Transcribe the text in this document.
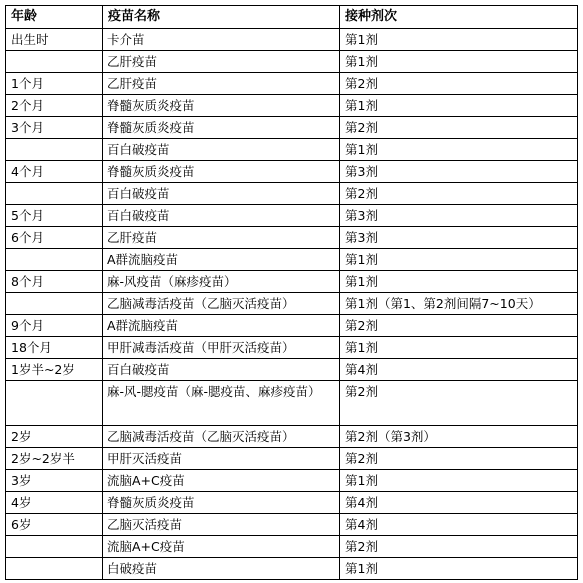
年龄	疫苗名称	接种剂次
出生时	卡介苗	第1剂
	乙肝疫苗	第1剂
1个月	乙肝疫苗	第2剂
2个月	脊髓灰质炎疫苗	第1剂
3个月	脊髓灰质炎疫苗	第2剂
	百白破疫苗	第1剂
4个月	脊髓灰质炎疫苗	第3剂
	百白破疫苗	第2剂
5个月	百白破疫苗	第3剂
6个月	乙肝疫苗	第3剂
	A群流脑疫苗	第1剂
8个月	麻-风疫苗（麻疹疫苗）	第1剂
	乙脑减毒活疫苗（乙脑灭活疫苗）	第1剂（第1、第2剂间隔7~10天）
9个月	A群流脑疫苗	第2剂
18个月	甲肝减毒活疫苗（甲肝灭活疫苗）	第1剂
1岁半~2岁	百白破疫苗	第4剂
	麻-风-腮疫苗（麻-腮疫苗、麻疹疫苗）	第2剂
2岁	乙脑减毒活疫苗（乙脑灭活疫苗）	第2剂（第3剂）
2岁~2岁半	甲肝灭活疫苗	第2剂
3岁	流脑A+C疫苗	第1剂
4岁	脊髓灰质炎疫苗	第4剂
6岁	乙脑灭活疫苗	第4剂
	流脑A+C疫苗	第2剂
	白破疫苗	第1剂
